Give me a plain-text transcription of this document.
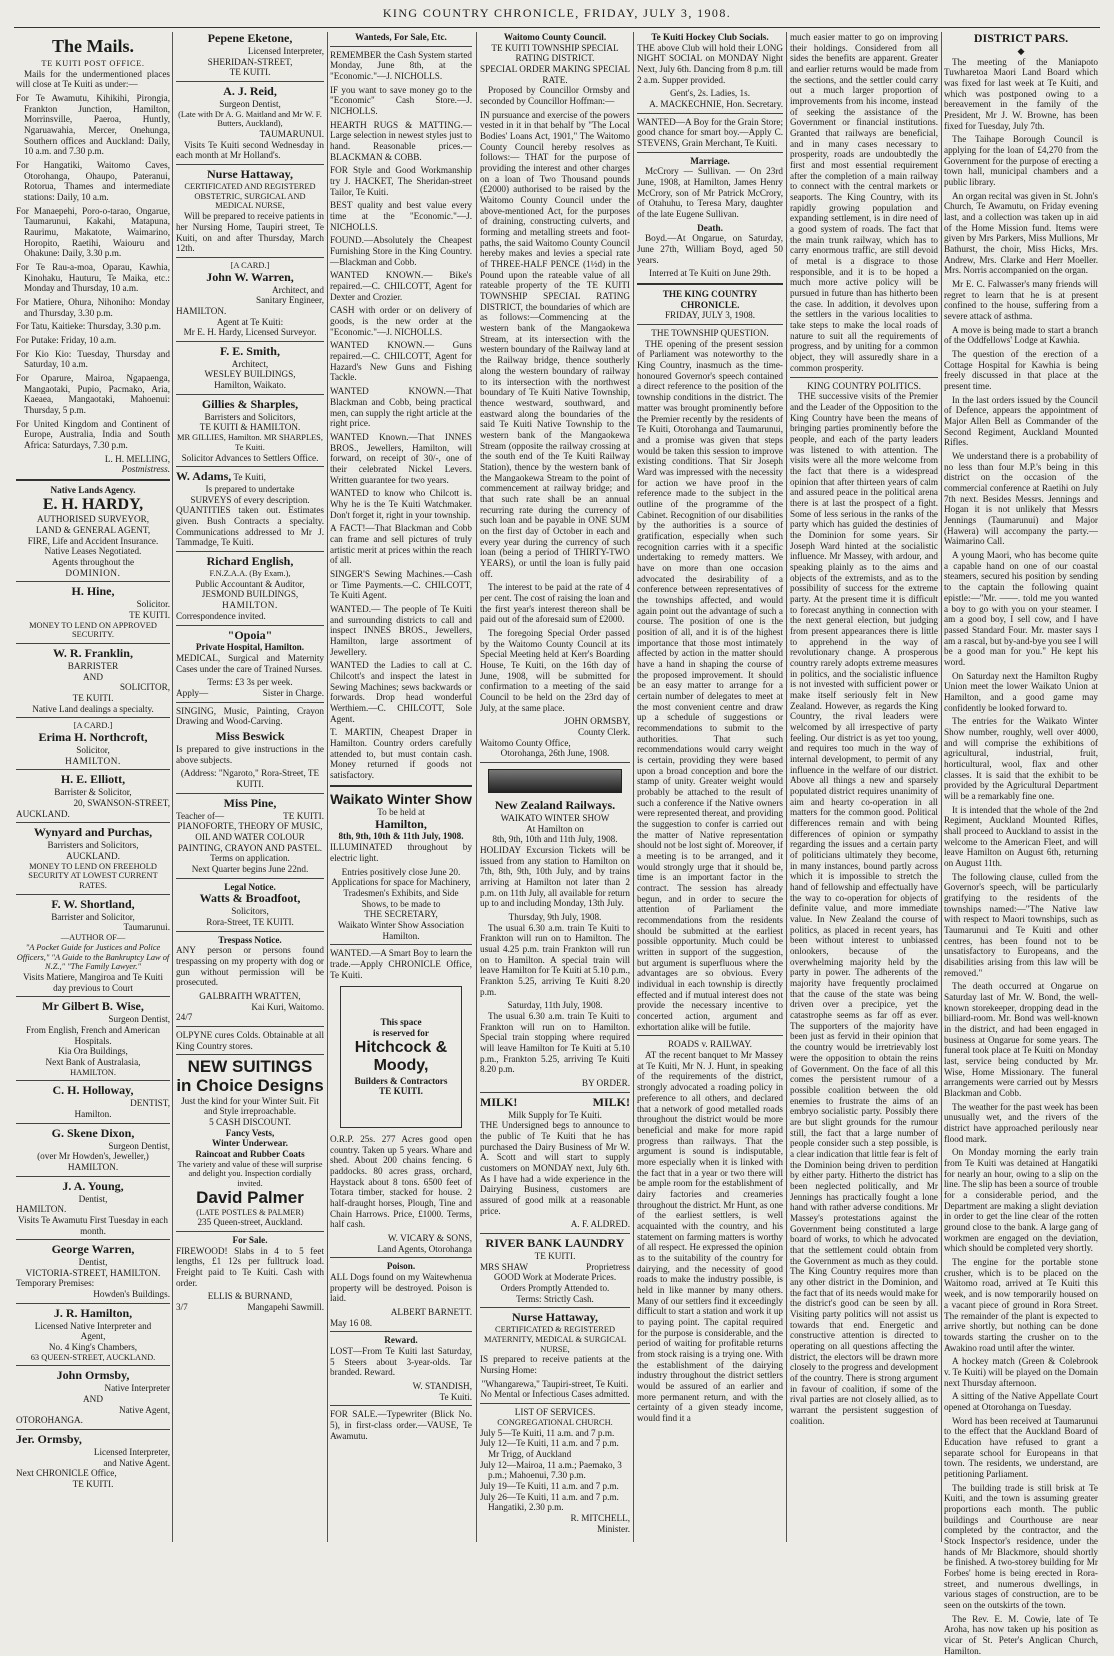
KING COUNTRY CHRONICLE, FRIDAY, JULY 3, 1908.
The Mails.
TE KUITI POST OFFICE.

Mails for the undermentioned places will close at Te Kuiti as under:—

For Te Awamutu, Kihikihi, Pirongia, Frankton Junction, Hamilton, Morrinsville, Paeroa, Huntly, Ngaruawahia, Mercer, Onehunga, Southern offices and Auckland: Daily, 10 a.m. and 7.30 p.m.

For Hangatiki, Waitomo Caves, Otorohanga, Ohaupo, Pateranui, Rotorua, Thames and intermediate stations: Daily, 10 a.m.

For Manaepehi, Poro-o-tarao, Ongarue, Taumarunui, Kakahi, Matapuna, Raurimu, Makatote, Waimarino, Horopito, Raetihi, Waiouru and Ohakune: Daily, 3.30 p.m.

For Te Rau-a-moa, Oparau, Kawhia, Kinohaku, Hauturu, Te Maika, etc.: Monday and Thursday, 10 a.m.

For Matiere, Ohura, Nihoniho: Monday and Thursday, 3.30 p.m.

For Tatu, Kaitieke: Thursday, 3.30 p.m.

For Putake: Friday, 10 a.m.

For Kio Kio: Tuesday, Thursday and Saturday, 10 a.m.

For Oparure, Mairoa, Ngapaenga, Mangaotaki, Pupio, Pacmako, Aria, Kaeaea, Mangaotaki, Mahoenui: Thursday, 5 p.m.

For United Kingdom and Continent of Europe, Australia, India and South Africa: Saturdays, 7.30 p.m.

L. H. MELLING,
Postmistress.
Native Lands Agency.
E. H. HARDY,
AUTHORISED SURVEYOR,
LAND & GENERAL AGENT,
FIRE, Life and Accident Insurance.
Native Leases Negotiated.
Agents throughout the
DOMINION.
H. Hine,
Solicitor.
TE KUITI.
MONEY TO LEND ON APPROVED SECURITY.
W. R. Franklin,
BARRISTER
AND
SOLICITOR,
TE KUITI.
Native Land dealings a specialty.
[A CARD.]
Erima H. Northcroft,
Solicitor,
HAMILTON.
H. E. Elliott,
Barrister & Solicitor,
20, SWANSON-STREET,
AUCKLAND.
Wynyard and Purchas,
Barristers and Solicitors,
AUCKLAND.
MONEY TO LEND ON FREEHOLD SECURITY AT LOWEST CURRENT RATES.
F. W. Shortland,
Barrister and Solicitor,
Taumarunui.
—AUTHOR OF—
"A Pocket Guide for Justices and Police Officers," "A Guide to the Bankruptcy Law of N.Z.," "The Family Lawyer."
Visits Matiere, Mangiroa and Te Kuiti day previous to Court
Mr Gilbert B. Wise,
Surgeon Dentist,
From English, French and American Hospitals.
Kia Ora Buildings,
Next Bank of Australasia,
HAMILTON.
C. H. Holloway,
DENTIST,
Hamilton.
G. Skene Dixon,
Surgeon Dentist,
(over Mr Howden's, Jeweller,)
HAMILTON.
J. A. Young,
Dentist,
HAMILTON.
Visits Te Awamutu First Tuesday in each month.
George Warren,
Dentist,
VICTORIA-STREET, HAMILTON.
Temporary Premises:
Howden's Buildings.
J. R. Hamilton,
Licensed Native Interpreter and
Agent,
No. 4 King's Chambers,
63 QUEEN-STREET, AUCKLAND.
John Ormsby,
Native Interpreter
AND
Native Agent,
OTOROHANGA.
Jer. Ormsby,
Licensed Interpreter,
and Native Agent.
Next CHRONICLE Office,
TE KUITI.
Pepene Eketone,
Licensed Interpreter,
SHERIDAN-STREET,
TE KUITI.
A. J. Reid,
Surgeon Dentist,
(Late with Dr A. G. Maitland and Mr W. F. Butters, Auckland),
TAUMARUNUI.

Visits Te Kuiti second Wednesday in each month at Mr Holland's.

Nurse Hattaway,
CERTIFICATED AND REGISTERED
OBSTETRIC, SURGICAL AND
MEDICAL NURSE,

Will be prepared to receive patients in her Nursing Home, Taupiri street, Te Kuiti, on and after Thursday, March 12th.

[A CARD.]
John W. Warren,
Architect, and
Sanitary Engineer,
HAMILTON.
Agent at Te Kuiti:
Mr E. H. Hardy, Licensed Surveyor.
F. E. Smith,
Architect,
WESLEY BUILDINGS,
Hamilton, Waikato.
Gillies & Sharples,
Barristers and Solicitors,
TE KUITI & HAMILTON.
MR GILLIES, Hamilton. MR SHARPLES, Te Kuiti.
Solicitor Advances to Settlers Office.
W. Adams, Te Kuiti,
Is prepared to undertake
SURVEYS of every description.

QUANTITIES taken out. Estimates given. Bush Contracts a specialty. Communications addressed to Mr J. Tammadge, Te Kuiti.

Richard English,
F.N.Z.A.A. (By Exam.),
Public Accountant & Auditor,
JESMOND BUILDINGS,
HAMILTON.
Correspondence invited.
"Opoia"
Private Hospital, Hamilton.

MEDICAL, Surgical and Maternity Cases under the care of Trained Nurses.

Terms: £3 3s per week.
Apply—	Sister in Charge.

SINGING, Music, Painting, Crayon Drawing and Wood-Carving.

Miss Beswick

Is prepared to give instructions in the above subjects.

(Address: "Ngaroto," Rora-Street, TE KUITI.
Miss Pine,
Teacher of—	TE KUITI.
PIANOFORTE, THEORY OF MUSIC, OIL AND WATER COLOUR PAINTING, CRAYON AND PASTEL.
Terms on application.
Next Quarter begins June 22nd.
Legal Notice.
Watts & Broadfoot,
Solicitors,
Rora-Street, TE KUITI.
Trespass Notice.

ANY person or persons found trespassing on my property with dog or gun without permission will be prosecuted.

GALBRAITH WRATTEN,
Kai Kuri, Waitomo.
24/7

OLPYNE cures Colds. Obtainable at all King Country stores.

NEW SUITINGS
in Choice Designs
Just the kind for your Winter Suit. Fit and Style irreproachable.
5 CASH DISCOUNT.
Fancy Vests,
Winter Underwear.
Raincoat and Rubber Coats
The variety and value of these will surprise and delight you. Inspection cordially invited.
David Palmer
(LATE POSTLES & PALMER)
235 Queen-street, Auckland.
For Sale.

FIREWOOD! Slabs in 4 to 5 feet lengths, £1 12s per fulltruck load. Freight paid to Te Kuiti. Cash with order.

ELLIS & BURNAND,
3/7	Mangapehi Sawmill.
Wanteds, For Sale, Etc.

REMEMBER the Cash System started Monday, June 8th, at the "Economic."—J. NICHOLLS.

IF you want to save money go to the "Economic" Cash Store.—J. NICHOLLS.

HEARTH RUGS & MATTING.—Large selection in newest styles just to hand. Reasonable prices.—BLACKMAN & COBB.

FOR Style and Good Workmanship try J. HACKET, The Sheridan-street Tailor, Te Kuiti.

BEST quality and best value every time at the "Economic."—J. NICHOLLS.

FOUND.—Absolutely the Cheapest Furnishing Store in the King Country.—Blackman and Cobb.

WANTED KNOWN.— Bike's repaired.—C. CHILCOTT, Agent for Dexter and Crozier.

CASH with order or on delivery of goods, is the new order at the "Economic."—J. NICHOLLS.

WANTED KNOWN.— Guns repaired.—C. CHILCOTT, Agent for Hazard's New Guns and Fishing Tackle.

WANTED KNOWN.—That Blackman and Cobb, being practical men, can supply the right article at the right price.

WANTED Known.—That INNES BROS., Jewellers, Hamilton, will forward, on receipt of 30/-, one of their celebrated Nickel Levers. Written guarantee for two years.

WANTED to know who Chilcott is. Why he is the Te Kuiti Watchmaker. Don't forget it, right in your township.

A FACT!—That Blackman and Cobb can frame and sell pictures of truly artistic merit at prices within the reach of all.

SINGER'S Sewing Machines.—Cash or Time Payments.—C. CHILCOTT, Te Kuiti Agent.

WANTED.— The people of Te Kuiti and surrounding districts to call and inspect INNES BROS., Jewellers, Hamilton, large assortment of Jewellery.

WANTED the Ladies to call at C. Chilcott's and inspect the latest in Sewing Machines; sews backwards or forwards. Drop head wonderful Werthiem.—C. CHILCOTT, Sole Agent.

T. MARTIN, Cheapest Draper in Hamilton. Country orders carefully attended to, but must contain cash. Money returned if goods not satisfactory.

Waikato Winter Show
To be held at
Hamilton,
8th, 9th, 10th & 11th July, 1908.

ILLUMINATED throughout by electric light.

Entries positively close June 20.
Applications for space for Machinery, Tradesmen's Exhibits, and Side Shows, to be made to
THE SECRETARY,
Waikato Winter Show Association Hamilton.

WANTED.—A Smart Boy to learn the trade.—Apply CHRONICLE Office, Te Kuiti.

This space
is reserved for
Hitchcock &
Moody,
Builders & Contractors
TE KUITI.

O.R.P. 25s. 277 Acres good open country. Taken up 5 years. Whare and shed. About 200 chains fencing. 6 paddocks. 80 acres grass, orchard, Haystack about 8 tons. 6500 feet of Totara timber, stacked for house. 2 half-draught horses, Plough, Tine and Chain Harrows. Price, £1000. Terms, half cash.

W. VICARY & SONS,
Land Agents, Otorohanga
Poison.

ALL Dogs found on my Waitewhenua property will be destroyed. Poison is laid.

ALBERT BARNETT.
May 16 08.
Reward.

LOST—From Te Kuiti last Saturday, 5 Steers about 3-year-olds. Tar branded. Reward.

W. STANDISH,
Te Kuiti.

FOR SALE.—Typewriter (Blick No. 5), in first-class order.—VAUSE, Te Awamutu.

Waitomo County Council.
TE KUITI TOWNSHIP SPECIAL RATING DISTRICT.
SPECIAL ORDER MAKING SPECIAL RATE.

Proposed by Councillor Ormsby and seconded by Councillor Hoffman:—

IN pursuance and exercise of the powers vested in it in that behalf by "The Local Bodies' Loans Act, 1901," The Waitomo County Council hereby resolves as follows:— THAT for the purpose of providing the interest and other charges on a loan of Two Thousand pounds (£2000) authorised to be raised by the Waitomo County Council under the above-mentioned Act, for the purposes of draining, constructing culverts, and forming and metalling streets and foot-paths, the said Waitomo County Council hereby makes and levies a special rate of THREE-HALF PENCE (1½d) in the Pound upon the rateable value of all rateable property of the TE KUITI TOWNSHIP SPECIAL RATING DISTRICT, the boundaries of which are as follows:—Commencing at the western bank of the Mangaokewa Stream, at its intersection with the western boundary of the Railway land at the Railway bridge, thence southerly along the western boundary of railway to its intersection with the northwest boundary of Te Kuiti Native Township, thence westward, southward, and eastward along the boundaries of the said Te Kuiti Native Township to the western bank of the Mangaokewa Stream (opposite the railway crossing at the south end of the Te Kuiti Railway Station), thence by the western bank of the Mangaokewa Stream to the point of commencement at railway bridge; and that such rate shall be an annual recurring rate during the currency of such loan and be payable in ONE SUM on the first day of October in each and every year during the currency of such loan (being a period of THIRTY-TWO YEARS), or until the loan is fully paid off.

The interest to be paid at the rate of 4 per cent. The cost of raising the loan and the first year's interest thereon shall be paid out of the aforesaid sum of £2000.

The foregoing Special Order passed by the Waitomo County Council at its Special Meeting held at Kerr's Boarding House, Te Kuiti, on the 16th day of June, 1908, will be submitted for confirmation to a meeting of the said Council to be held on the 23rd day of July, at the same place.

JOHN ORMSBY,
County Clerk.
Waitomo County Office,
Otorohanga, 26th June, 1908.
New Zealand Railways.
WAIKATO WINTER SHOW
At Hamilton on
8th, 9th, 10th and 11th July, 1908.

HOLIDAY Excursion Tickets will be issued from any station to Hamilton on 7th, 8th, 9th, 10th July, and by trains arriving at Hamilton not later than 2 p.m. on 11th July, all available for return up to and including Monday, 13th July.

Thursday, 9th July, 1908.

The usual 6.30 a.m. train Te Kuiti to Frankton will run on to Hamilton. The usual 4.25 p.m. train Frankton will run on to Hamilton. A special train will leave Hamilton for Te Kuiti at 5.10 p.m., Frankton 5.25, arriving Te Kuiti 8.20 p.m.

Saturday, 11th July, 1908.

The usual 6.30 a.m. train Te Kuiti to Frankton will run on to Hamilton. Special train stopping where required will leave Hamilton for Te Kuiti at 5.10 p.m., Frankton 5.25, arriving Te Kuiti 8.20 p.m.

BY ORDER.
MILK!	MILK!
Milk Supply for Te Kuiti.

THE Undersigned begs to announce to the public of Te Kuiti that he has purchased the Dairy Business of Mr W. A. Scott and will start to supply customers on MONDAY next, July 6th. As I have had a wide experience in the Dairying Business, customers are assured of good milk at a reasonable price.

A. F. ALDRED.
RIVER BANK LAUNDRY
TE KUITI.
MRS SHAW	Proprietress
GOOD Work at Moderate Prices.
Orders Promptly Attended to.
Terms: Strictly Cash.
Nurse Hattaway,
CERTIFICATED & REGISTERED
MATERNITY, MEDICAL & SURGICAL
NURSE,

IS prepared to receive patients at the Nursing Home:

"Whangarewa," Taupiri-street, Te Kuiti.
No Mental or Infectious Cases admitted.
LIST OF SERVICES.
CONGREGATIONAL CHURCH.
July 5—Te Kuiti, 11 a.m. and 7 p.m.
July 12—Te Kuiti, 11 a.m. and 7 p.m. Mr Trigg, of Auckland
July 12—Mairoa, 11 a.m.; Paemako, 3 p.m.; Mahoenui, 7.30 p.m.
July 19—Te Kuiti, 11 a.m. and 7 p.m.
July 26—Te Kuiti, 11 a.m. and 7 p.m. Hangatiki, 2.30 p.m.
R. MITCHELL,
Minister.
Te Kuiti Hockey Club Socials.

THE above Club will hold their LONG NIGHT SOCIAL on MONDAY Night Next, July 6th. Dancing from 8 p.m. till 2 a.m. Supper provided.

Gent's, 2s. Ladies, 1s.
A. MACKECHNIE, Hon. Secretary.

WANTED—A Boy for the Grain Store; good chance for smart boy.—Apply C. STEVENS, Grain Merchant, Te Kuiti.

Marriage.

McCrory — Sullivan. — On 23rd June, 1908, at Hamilton, James Henry McCrory, son of Mr Patrick McCrory, of Otahuhu, to Teresa Mary, daughter of the late Eugene Sullivan.

Death.

Boyd.—At Ongarue, on Saturday, June 27th, William Boyd, aged 50 years.

Interred at Te Kuiti on June 29th.
THE KING COUNTRY CHRONICLE.
FRIDAY, JULY 3, 1908.
THE TOWNSHIP QUESTION.

THE opening of the present session of Parliament was noteworthy to the King Country, inasmuch as the time-honoured Governor's speech contained a direct reference to the position of the township conditions in the district. The matter was brought prominently before the Premier recently by the residents of Te Kuiti, Otorohanga and Taumarunui, and a promise was given that steps would be taken this session to improve existing conditions. That Sir Joseph Ward was impressed with the necessity for action we have proof in the reference made to the subject in the outline of the programme of the Cabinet. Recognition of our disabilities by the authorities is a source of gratification, especially when such recognition carries with it a specific undertaking to remedy matters. We have on more than one occasion advocated the desirability of a conference between representatives of the townships affected, and would again point out the advantage of such a course. The position of one is the position of all, and it is of the highest importance that those most intimately affected by action in the matter should have a hand in shaping the course of the proposed improvement. It should be an easy matter to arrange for a certain number of delegates to meet at the most convenient centre and draw up a schedule of suggestions or recommendations to submit to the authorities. That such recommendations would carry weight is certain, providing they were based upon a broad conception and bore the stamp of unity. Greater weight would probably be attached to the result of such a conference if the Native owners were represented thereat, and providing the suggestion to confer is carried out the matter of Native representation should not be lost sight of. Moreover, if a meeting is to be arranged, and it would strongly urge that it should be, time is an important factor in the contract. The session has already begun, and in order to secure the attention of Parliament the recommendations from the residents should be submitted at the earliest possible opportunity. Much could be written in support of the suggestion, but argument is superfluous where the advantages are so obvious. Every individual in each township is directly effected and if mutual interest does not provide the necessary incentive to concerted action, argument and exhortation alike will be futile.

ROADS v. RAILWAY.

AT the recent banquet to Mr Massey at Te Kuiti, Mr N. J. Hunt, in speaking of the requirements of the district, strongly advocated a roading policy in preference to all others, and declared that a network of good metalled roads throughout the district would be more beneficial and make for more rapid progress than railways. That the argument is sound is indisputable, more especially when it is linked with the fact that in a year or two there will be ample room for the establishment of dairy factories and creameries throughout the district. Mr Hunt, as one of the earliest settlers, is well acquainted with the country, and his statement on farming matters is worthy of all respect. He expressed the opinion as to the suitability of the country for dairying, and the necessity of good roads to make the industry possible, is held in like manner by many others. Many of our settlers find it exceedingly difficult to start a station and work it up to paying point. The capital required for the purpose is considerable, and the period of waiting for profitable returns from stock raising is a trying one. With the establishment of the dairying industry throughout the district settlers would be assured of an earlier and more permanent return, and with the certainty of a given steady income, would find it a

much easier matter to go on improving their holdings. Considered from all sides the benefits are apparent. Greater and earlier returns would be made from the sections, and the settler could carry out a much larger proportion of improvements from his income, instead of seeking the assistance of the Government or financial institutions. Granted that railways are beneficial, and in many cases necessary to prosperity, roads are undoubtedly the first and most essential requirement after the completion of a main railway to connect with the central markets or seaports. The King Country, with its rapidly growing population and expanding settlement, is in dire need of a good system of roads. The fact that the main trunk railway, which has to carry enormous traffic, are still devoid of metal is a disgrace to those responsible, and it is to be hoped a much more active policy will be pursued in future than has hitherto been the case. In addition, it devolves upon the settlers in the various localities to take steps to make the local roads of nature to suit all the requirements of progress, and by uniting for a common object, they will assuredly share in a common prosperity.

KING COUNTRY POLITICS.

THE successive visits of the Premier and the Leader of the Opposition to the King Country have been the means of bringing parties prominently before the people, and each of the party leaders was listened to with attention. The visits were all the more welcome from the fact that there is a widespread opinion that after thirteen years of calm and assured peace in the political arena there is at last the prospect of a fight. Some of less serious in the ranks of the party which has guided the destinies of the Dominion for some years. Sir Joseph Ward hinted at the socialistic influence. Mr Massey, with ardour, and speaking plainly as to the aims and objects of the extremists, and as to the possibility of success for the extreme party. At the present time it is difficult to forecast anything in connection with the next general election, but judging from present appearances there is little to apprehend in the way of revolutionary change. A prosperous country rarely adopts extreme measures in politics, and the socialistic influence is not invested with sufficient power or make itself seriously felt in New Zealand. However, as regards the King Country, the rival leaders were welcomed by all irrespective of party feeling. Our district is as yet too young, and requires too much in the way of internal development, to permit of any influence in the welfare of our district. Above all things a new and sparsely populated district requires unanimity of aim and hearty co-operation in all matters for the common good. Political differences remain and with being differences of opinion or sympathy regarding the issues and a certain party of politicians ultimately they become, in many instances, bound partly across which it is impossible to stretch the hand of fellowship and effectually have the way to co-operation for objects of definite value, and more immediate value. In New Zealand the course of politics, as placed in recent years, has been without interest to unbiassed onlookers, because of the overwhelming majority held by the party in power. The adherents of the majority have frequently proclaimed that the cause of the state was being driven over a precipice, yet the catastrophe seems as far off as ever. The supporters of the majority have been just as fervid in their opinion that the country would be irretrievably lost were the opposition to obtain the reins of Government. On the face of all this comes the persistent rumour of a possible coalition between the old enemies to frustrate the aims of an embryo socialistic party. Possibly there are but slight grounds for the rumour still, the fact that a large number of people consider such a step possible, is a clear indication that little fear is felt of the Dominion being driven to perdition by either party. Hitherto the district has been neglected politically, and Mr Jennings has practically fought a lone hand with rather adverse conditions. Mr Massey's protestations against the Government being constituted a large board of works, to which he advocated that the settlement could obtain from the Government as much as they could. The King Country requires more than any other district in the Dominion, and the fact that of its needs would make for the district's good can be seen by all. Visiting party politics will not assist us towards that end. Energetic and constructive attention is directed to operating on all questions affecting the district, the electors will be drawn more closely to the progress and development of the country. There is strong argument in favour of coalition, if some of the rival parties are not closely allied, as to warrant the persistent suggestion of coalition.

DISTRICT PARS.
◆

The meeting of the Maniapoto Tuwharetoa Maori Land Board which was fixed for last week at Te Kuiti, and which was postponed owing to a bereavement in the family of the President, Mr J. W. Browne, has been fixed for Tuesday, July 7th.

The Taihape Borough Council is applying for the loan of £4,270 from the Government for the purpose of erecting a town hall, municipal chambers and a public library.

An organ recital was given in St. John's Church, Te Awamutu, on Friday evening last, and a collection was taken up in aid of the Home Mission fund. Items were given by Mrs Parkers, Miss Mullions, Mr Bathurst, the choir, Miss Hicks, Mrs. Andrew, Mrs. Clarke and Herr Moeller. Mrs. Norris accompanied on the organ.

Mr E. C. Falwasser's many friends will regret to learn that he is at present confined to the house, suffering from a severe attack of asthma.

A move is being made to start a branch of the Oddfellows' Lodge at Kawhia.

The question of the erection of a Cottage Hospital for Kawhia is being freely discussed in that place at the present time.

In the last orders issued by the Council of Defence, appears the appointment of Major Allen Bell as Commander of the Second Regiment, Auckland Mounted Rifles.

We understand there is a probability of no less than four M.P.'s being in this district on the occasion of the commercial conference at Raetihi on July 7th next. Besides Messrs. Jennings and Hogan it is not unlikely that Messrs Jennings (Taumarunui) and Major (Hawera) will accompany the party.—Waimarino Call.

A young Maori, who has become quite a capable hand on one of our coastal steamers, secured his position by sending to the captain the following quaint epistle:—"Mr. ——. told me you wanted a boy to go with you on your steamer. I am a good boy, I sell cow, and I have passed Standard Four. Mr. master says I am a rascal, but by-and-bye you see I will be a good man for you." He kept his word.

On Saturday next the Hamilton Rugby Union meet the lower Waikato Union at Hamilton, and a good game may confidently be looked forward to.

The entries for the Waikato Winter Show number, roughly, well over 4000, and will comprise the exhibitions of agricultural, industrial, fruit, horticultural, wool, flax and other classes. It is said that the exhibit to be provided by the Agricultural Department will be a remarkably fine one.

It is intended that the whole of the 2nd Regiment, Auckland Mounted Rifles, shall proceed to Auckland to assist in the welcome to the American Fleet, and will leave Hamilton on August 6th, returning on August 11th.

The following clause, culled from the Governor's speech, will be particularly gratifying to the residents of the townships named:—"The Native law with respect to Maori townships, such as Taumarunui and Te Kuiti and other centres, has been found not to be unsatisfactory to Europeans, and the disabilities arising from this law will be removed."

The death occurred at Ongarue on Saturday last of Mr. W. Bond, the well-known storekeeper, dropping dead in the billiard-room. Mr. Bond was well-known in the district, and had been engaged in business at Ongarue for some years. The funeral took place at Te Kuiti on Monday last, service being conducted by Mr. Wise, Home Missionary. The funeral arrangements were carried out by Messrs Blackman and Cobb.

The weather for the past week has been unusually wet, and the rivers of the district have approached perilously near flood mark.

On Monday morning the early train from Te Kuiti was detained at Hangatiki for nearly an hour, owing to a slip on the line. The slip has been a source of trouble for a considerable period, and the Department are making a slight deviation in order to get the line clear of the rotten ground close to the bank. A large gang of workmen are engaged on the deviation, which should be completed very shortly.

The engine for the portable stone crusher, which is to be placed on the Waitomo road, arrived at Te Kuiti this week, and is now temporarily housed on a vacant piece of ground in Rora Street. The remainder of the plant is expected to arrive shortly, but nothing can be done towards starting the crusher on to the Awakino road until after the winter.

A hockey match (Green & Colebrook v. Te Kuiti) will be played on the Domain next Thursday afternoon.

A sitting of the Native Appellate Court opened at Otorohanga on Tuesday.

Word has been received at Taumarunui to the effect that the Auckland Board of Education have refused to grant a separate school for Europeans in that town. The residents, we understand, are petitioning Parliament.

The building trade is still brisk at Te Kuiti, and the town is assuming greater proportions each month. The public buildings and Courthouse are near completed by the contractor, and the Stock Inspector's residence, under the hands of Mr Blackmore, should shortly be finished. A two-storey building for Mr Forbes' home is being erected in Rora-street, and numerous dwellings, in various stages of construction, are to be seen on the outskirts of the town.

The Rev. E. M. Cowie, late of Te Aroha, has now taken up his position as vicar of St. Peter's Anglican Church, Hamilton.
